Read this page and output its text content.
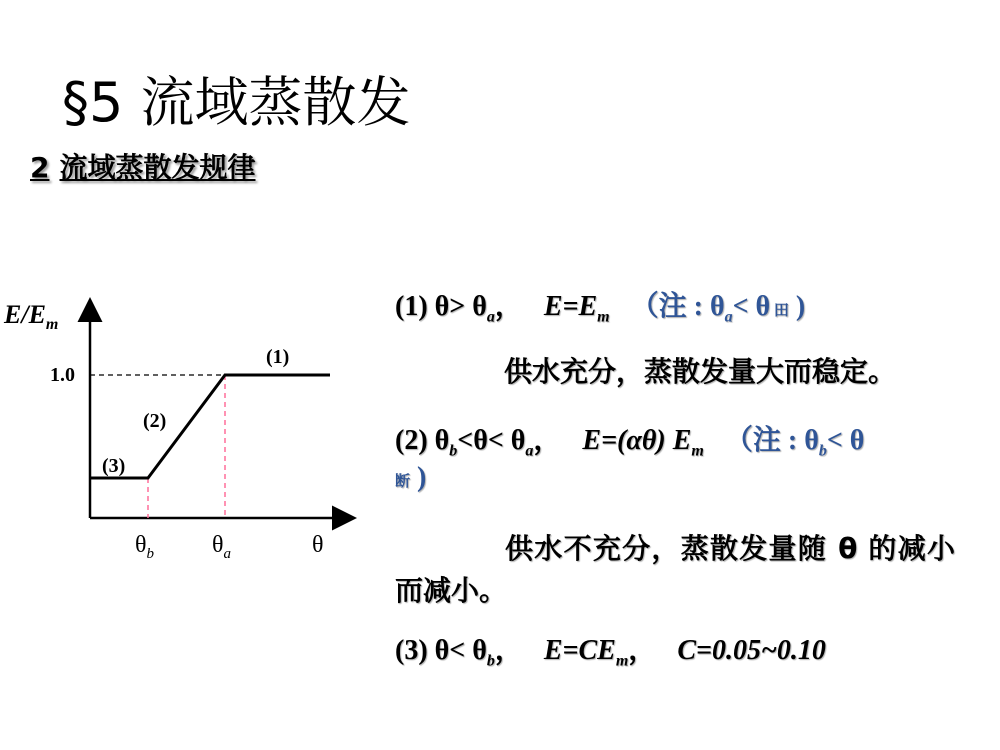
§5 流域蒸散发
2 流域蒸散发规律
$E/E_m$
1.0
(1)
(2)
(3)
$\theta_b$ $\theta_a$	θ
(1) $\theta> \theta_a$， $E=E_m$ （注 : $\theta_a< \theta$ 田 )
供水充分，蒸散发量大而稳定。
(2) $\theta_b<\theta< \theta_a$， E=(αθ) $E_m$ （注 : $\theta_b< \theta$
断 )
供水不充分，蒸散发量随 θ 的减小而减小。
(3) $\theta< \theta_b$， $E=CE_m$， C=0.05~0.10
